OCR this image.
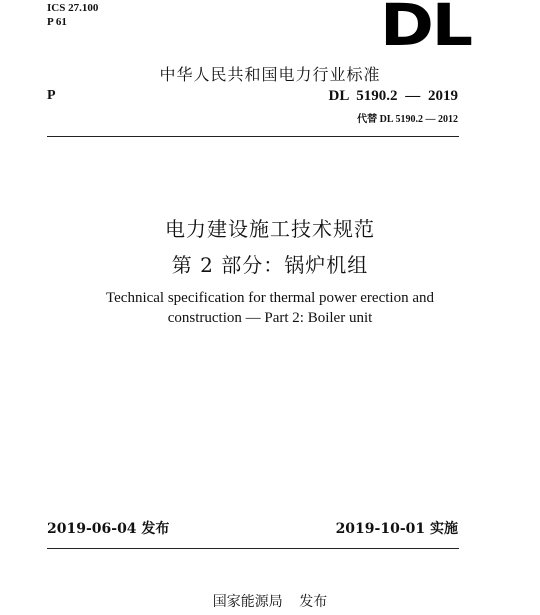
ICS 27.100
P 61	DL
中华人民共和国电力行业标准
P	DL 5190.2 — 2019
代替 DL 5190.2 — 2012
电力建设施工技术规范
第 2 部分：锅炉机组
Technical specification for thermal power erection and
construction — Part 2: Boiler unit
2019-06-04 发布	2019-10-01 实施
国家能源局 发布
